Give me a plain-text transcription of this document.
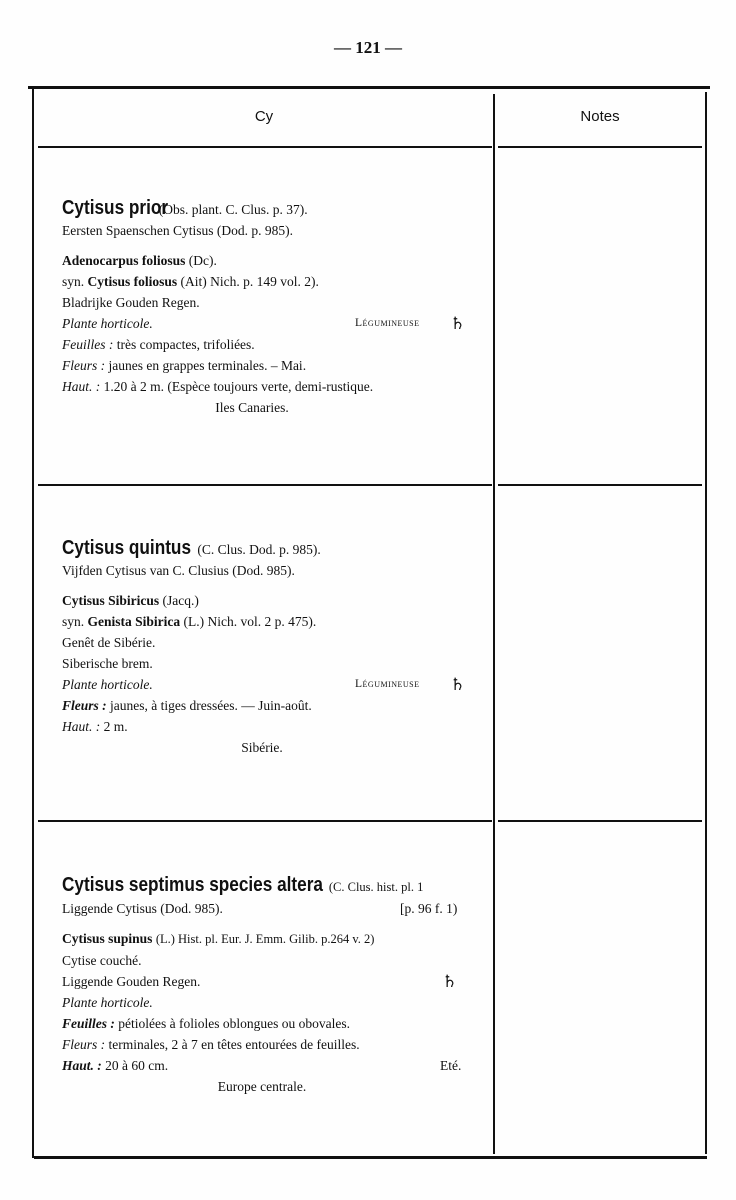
— 121 —
Cy	Notes
Cytisus prior (Obs. plant. C. Clus. p. 37).
Eersten Spaenschen Cytisus (Dod. p. 985).
Adenocarpus foliosus (Dc).
syn. Cytisus foliosus (Ait) Nich. p. 149 vol. 2).
Bladrijke Gouden Regen.
Plante horticole.	Légumineuse ♄
Feuilles : très compactes, trifoliées.
Fleurs : jaunes en grappes terminales. – Mai.
Haut. : 1.20 à 2 m. (Espèce toujours verte, demi-rustique.
Iles Canaries.
Cytisus quintus (C. Clus. Dod. p. 985).
Vijfden Cytisus van C. Clusius (Dod. 985).
Cytisus Sibiricus (Jacq.)
syn. Genista Sibirica (L.) Nich. vol. 2 p. 475).
Genêt de Sibérie.
Siberische brem.
Plante horticole.	Légumineuse ♄
Fleurs : jaunes, à tiges dressées. — Juin-août.
Haut. : 2 m.
Sibérie.
Cytisus septimus species altera (C. Clus. hist. pl. 1
Liggende Cytisus (Dod. 985).	[p. 96 f. 1)
Cytisus supinus (L.) Hist. pl. Eur. J. Emm. Gilib. p.264 v. 2)
Cytise couché.
Liggende Gouden Regen.	♄
Plante horticole.
Feuilles : pétiolées à folioles oblongues ou obovales.
Fleurs : terminales, 2 à 7 en têtes entourées de feuilles.
Haut. : 20 à 60 cm.	Eté.
Europe centrale.
